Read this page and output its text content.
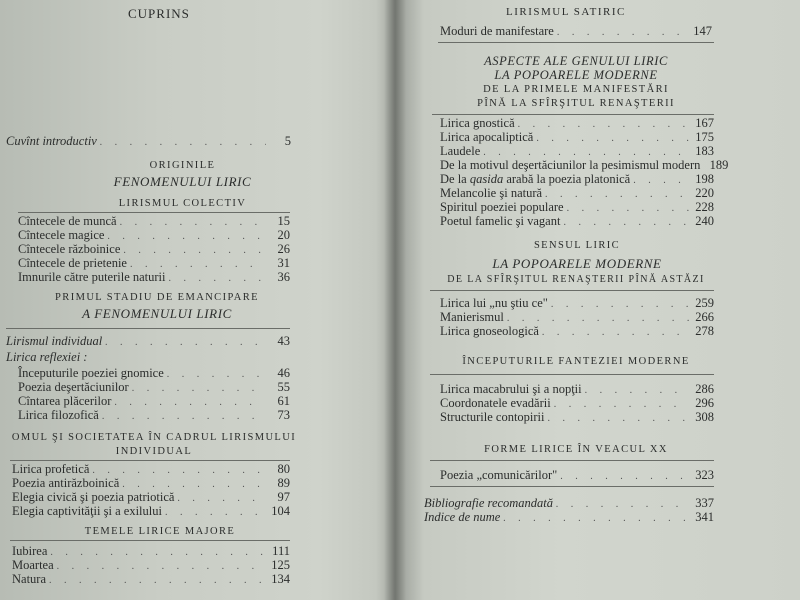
CUPRINS
Cuvînt introductiv . . .	5
ORIGINILE
FENOMENULUI LIRIC
LIRISMUL COLECTIV
Cîntecele de muncă . . .	15
Cîntecele magice . . .	20
Cîntecele războinice . . .	26
Cîntecele de prietenie . . .	31
Imnurile către puterile naturii . . .	36
PRIMUL STADIU DE EMANCIPARE
A FENOMENULUI LIRIC
Lirismul individual . . .	43
Lirica reflexiei :
Începuturile poeziei gnomice . . .	46
Poezia deşertăciunilor . . .	55
Cîntarea plăcerilor . . .	61
Lirica filozofică . . .	73
OMUL ŞI SOCIETATEA ÎN CADRUL LIRISMULUI
INDIVIDUAL
Lirica profetică . . .	80
Poezia antirăzboinică . . .	89
Elegia civică şi poezia patriotică . . .	97
Elegia captivităţii şi a exilului . . .	104
TEMELE LIRICE MAJORE
Iubirea . . .	111
Moartea . . .	125
Natura . . .	134
LIRISMUL SATIRIC
Moduri de manifestare . . .	147
ASPECTE ALE GENULUI LIRIC
LA POPOARELE MODERNE
DE LA PRIMELE MANIFESTĂRI
PÎNĂ LA SFÎRŞITUL RENAŞTERII
Lirica gnostică . . .	167
Lirica apocaliptică . . .	175
Laudele . . .	183
De la motivul deşertăciunilor la pesimismul modern 189
De la qasida arabă la poezia platonică . . .	198
Melancolie şi natură . . .	220
Spiritul poeziei populare . . .	228
Poetul famelic şi vagant . . .	240
SENSUL LIRIC
LA POPOARELE MODERNE
DE LA SFÎRŞITUL RENAŞTERII PÎNĂ ASTĂZI
Lirica lui „nu ştiu ce" . . .	259
Manierismul . . .	266
Lirica gnoseologică . . .	278
ÎNCEPUTURILE FANTEZIEI MODERNE
Lirica macabrului şi a nopţii . . .	286
Coordonatele evadării . . .	296
Structurile contopirii . . .	308
FORME LIRICE ÎN VEACUL XX
Poezia „comunicărilor" . . .	323
Bibliografie recomandată . . .	337
Indice de nume . . .	341
